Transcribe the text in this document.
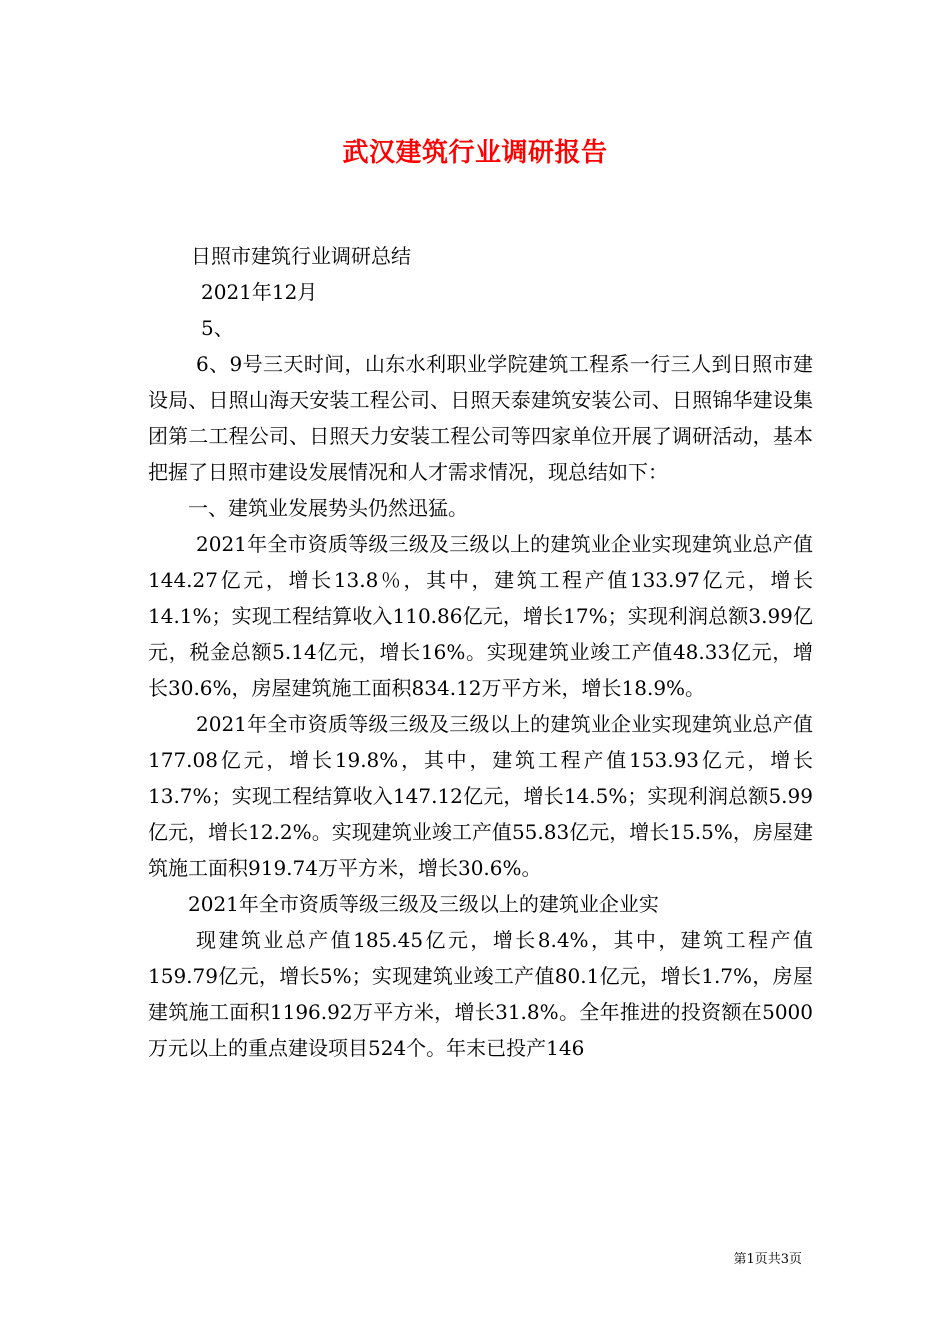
武汉建筑行业调研报告
日照市建筑行业调研总结
2021年12月
5、

6、9号三天时间，山东水利职业学院建筑工程系一行三人到日照市建设局、日照山海天安装工程公司、日照天泰建筑安装公司、日照锦华建设集团第二工程公司、日照天力安装工程公司等四家单位开展了调研活动，基本把握了日照市建设发展情况和人才需求情况，现总结如下：

一、建筑业发展势头仍然迅猛。

2021年全市资质等级三级及三级以上的建筑业企业实现建筑业总产值144.27亿元，增长13.8％，其中，建筑工程产值133.97亿元，增长14.1%；实现工程结算收入110.86亿元，增长17%；实现利润总额3.99亿元，税金总额5.14亿元，增长16%。实现建筑业竣工产值48.33亿元，增长30.6%，房屋建筑施工面积834.12万平方米，增长18.9%。

2021年全市资质等级三级及三级以上的建筑业企业实现建筑业总产值177.08亿元，增长19.8%，其中，建筑工程产值153.93亿元，增长13.7%；实现工程结算收入147.12亿元，增长14.5%；实现利润总额5.99亿元，增长12.2%。实现建筑业竣工产值55.83亿元，增长15.5%，房屋建筑施工面积919.74万平方米，增长30.6%。

2021年全市资质等级三级及三级以上的建筑业企业实

现建筑业总产值185.45亿元，增长8.4%，其中，建筑工程产值159.79亿元，增长5%；实现建筑业竣工产值80.1亿元，增长1.7%，房屋建筑施工面积1196.92万平方米，增长31.8%。全年推进的投资额在5000万元以上的重点建设项目524个。年末已投产146

第1页共3页
